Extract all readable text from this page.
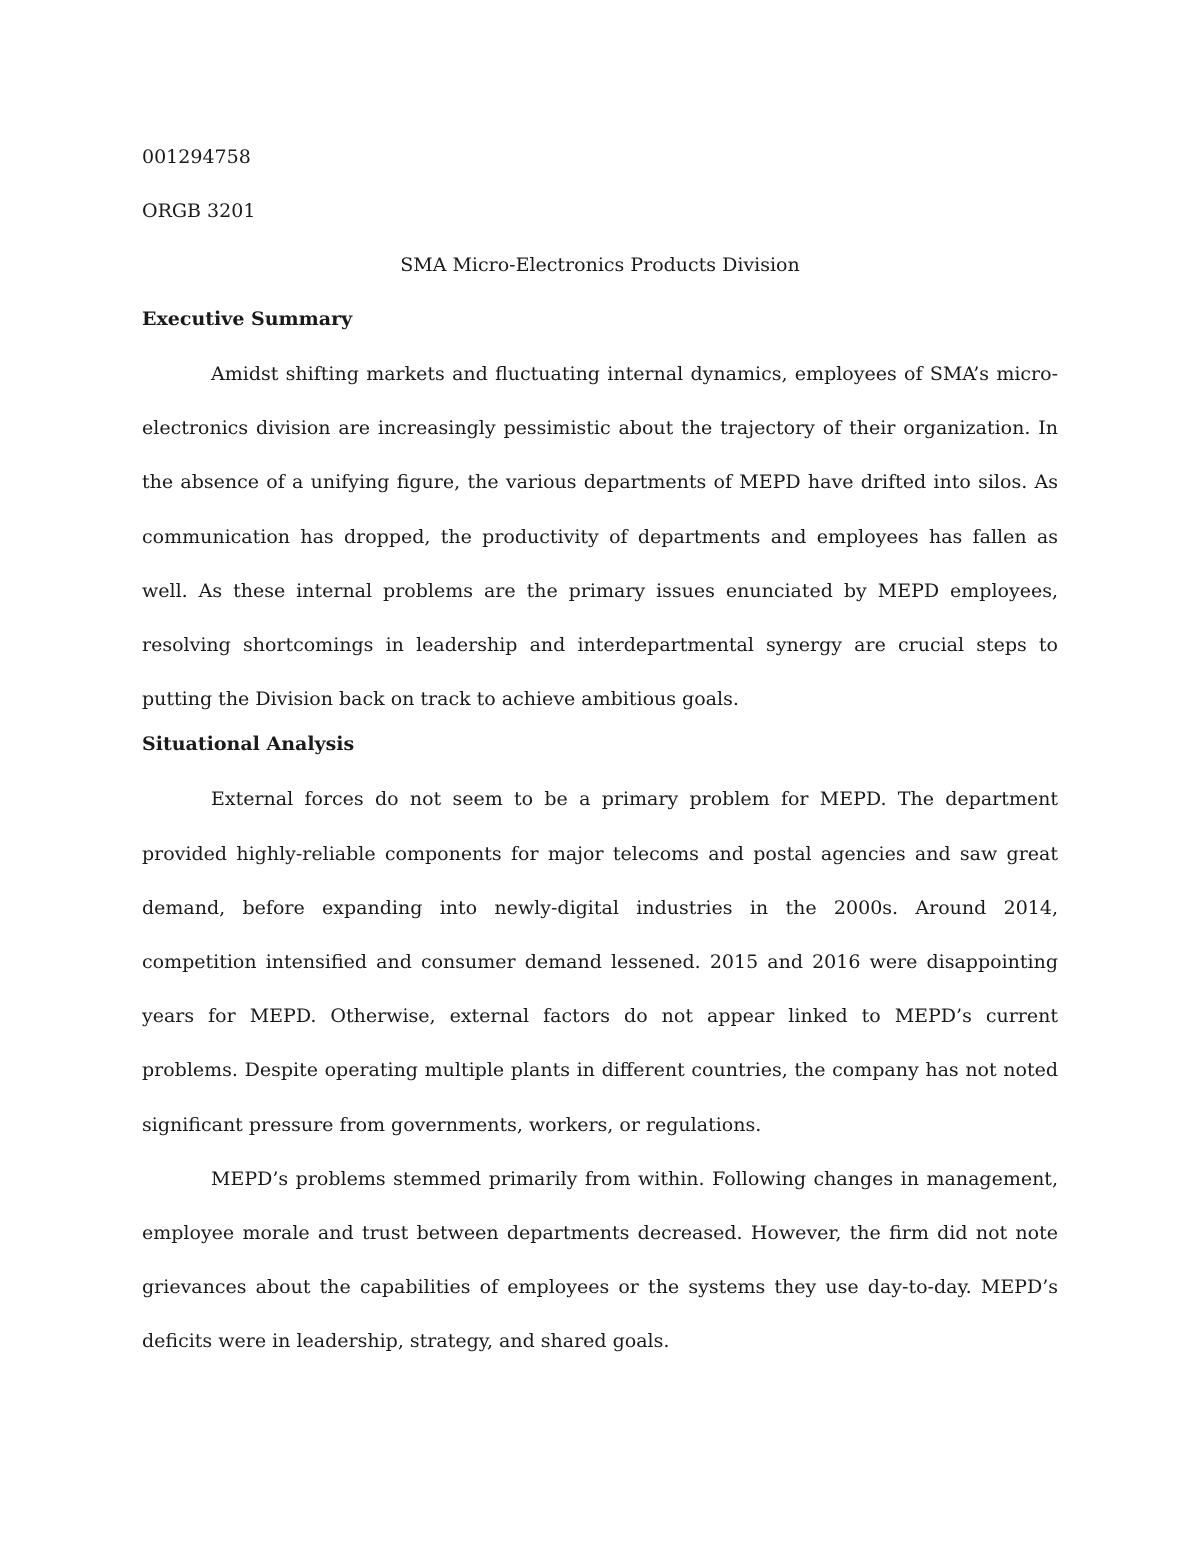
001294758
ORGB 3201
SMA Micro-Electronics Products Division
Executive Summary

Amidst shifting markets and fluctuating internal dynamics, employees of SMA’s micro-electronics division are increasingly pessimistic about the trajectory of their organization. In the absence of a unifying figure, the various departments of MEPD have drifted into silos. As communication has dropped, the productivity of departments and employees has fallen as well. As these internal problems are the primary issues enunciated by MEPD employees, resolving shortcomings in leadership and interdepartmental synergy are crucial steps to putting the Division back on track to achieve ambitious goals.

Situational Analysis

External forces do not seem to be a primary problem for MEPD. The department provided highly-reliable components for major telecoms and postal agencies and saw great demand, before expanding into newly-digital industries in the 2000s. Around 2014, competition intensified and consumer demand lessened. 2015 and 2016 were disappointing years for MEPD. Otherwise, external factors do not appear linked to MEPD’s current problems. Despite operating multiple plants in different countries, the company has not noted significant pressure from governments, workers, or regulations.

MEPD’s problems stemmed primarily from within. Following changes in management, employee morale and trust between departments decreased. However, the firm did not note grievances about the capabilities of employees or the systems they use day-to-day. MEPD’s deficits were in leadership, strategy, and shared goals.
